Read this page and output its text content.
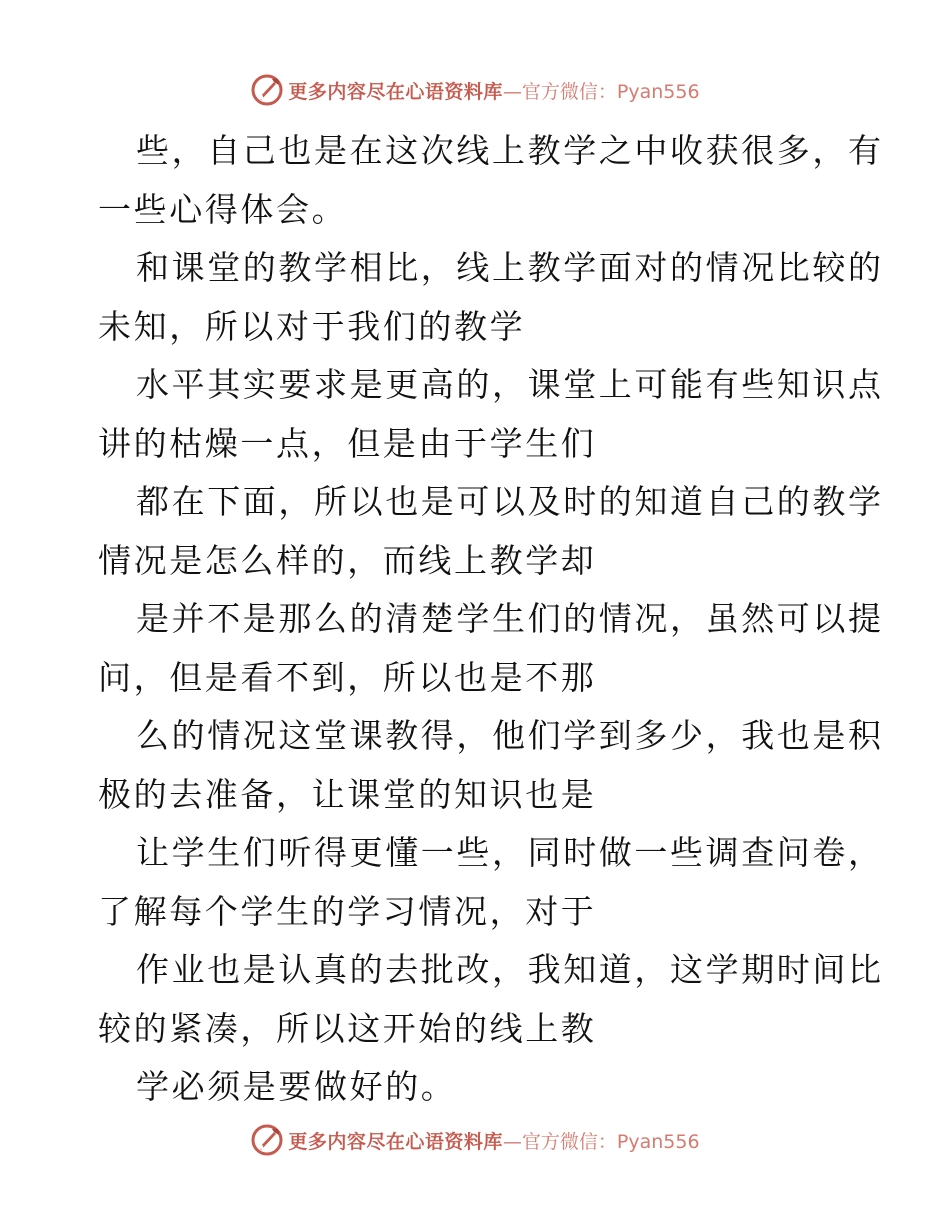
更多内容尽在心语资料库 —官方微信：Pyan556
些，自己也是在这次线上教学之中收获很多，有
一些心得体会。
和课堂的教学相比，线上教学面对的情况比较的
未知，所以对于我们的教学
水平其实要求是更高的，课堂上可能有些知识点
讲的枯燥一点，但是由于学生们
都在下面，所以也是可以及时的知道自己的教学
情况是怎么样的，而线上教学却
是并不是那么的清楚学生们的情况，虽然可以提
问，但是看不到，所以也是不那
么的情况这堂课教得，他们学到多少，我也是积
极的去准备，让课堂的知识也是
让学生们听得更懂一些，同时做一些调查问卷，
了解每个学生的学习情况，对于
作业也是认真的去批改，我知道，这学期时间比
较的紧凑，所以这开始的线上教
学必须是要做好的。
更多内容尽在心语资料库 —官方微信：Pyan556
